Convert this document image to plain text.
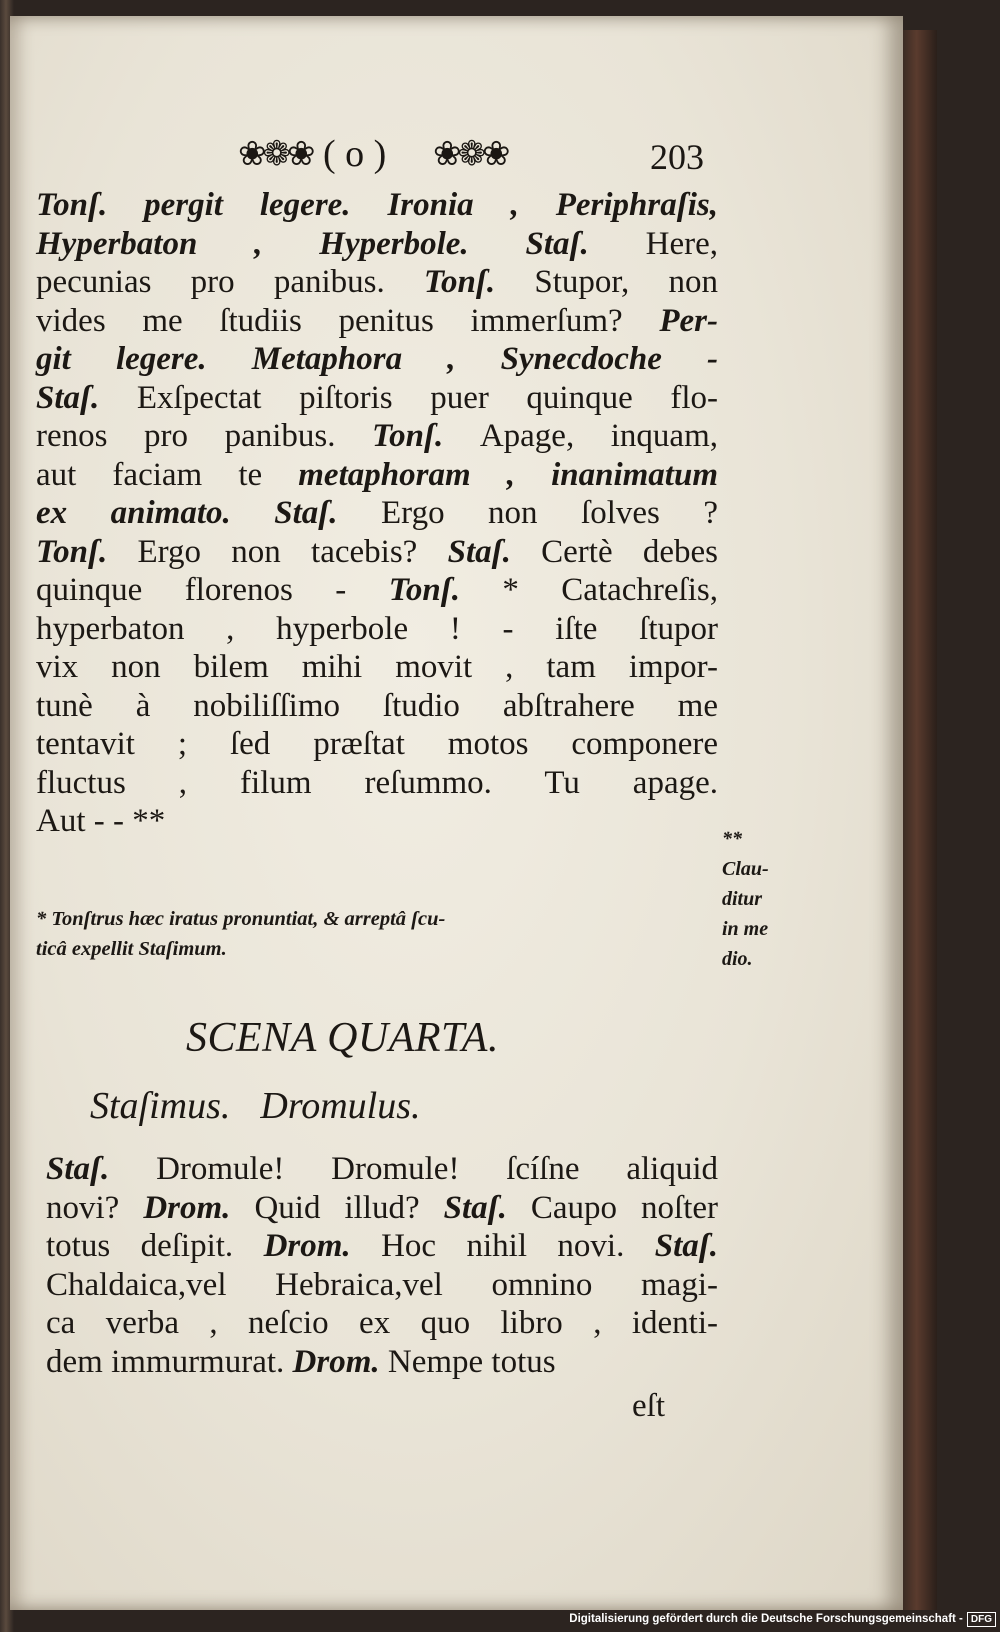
❀❁❀ ( o ) ❀❁❀	203
Tonſ. pergit legere. Ironia , Periphraſis,
Hyperbaton , Hyperbole. Staſ. Here,
pecunias pro panibus. Tonſ. Stupor, non
vides me ſtudiis penitus immerſum? Per-
git legere. Metaphora , Synecdoche -
Staſ. Exſpectat piſtoris puer quinque flo-
renos pro panibus. Tonſ. Apage, inquam,
aut faciam te metaphoram , inanimatum
ex animato. Staſ. Ergo non ſolves ?
Tonſ. Ergo non tacebis? Staſ. Certè debes
quinque florenos - Tonſ. * Catachreſis,
hyperbaton , hyperbole ! - iſte ſtupor
vix non bilem mihi movit , tam impor-
tunè à nobiliſſimo ſtudio abſtrahere me
tentavit ; ſed præſtat motos componere
fluctus , filum reſummo. Tu apage.
Aut - - **
* Tonſtrus hæc iratus pronuntiat, & arreptâ ſcu-
ticâ expellit Staſimum.
**
Clau-
ditur
in me
dio.
SCENA QUARTA.
Staſimus. Dromulus.
Staſ. Dromule! Dromule! ſcíſne aliquid
novi? Drom. Quid illud? Staſ. Caupo noſter
totus deſipit. Drom. Hoc nihil novi. Staſ.
Chaldaica,vel Hebraica,vel omnino magi-
ca verba , neſcio ex quo libro , identi-
dem immurmurat. Drom. Nempe totus
eſt
Digitalisierung gefördert durch die Deutsche Forschungsgemeinschaft - DFG
